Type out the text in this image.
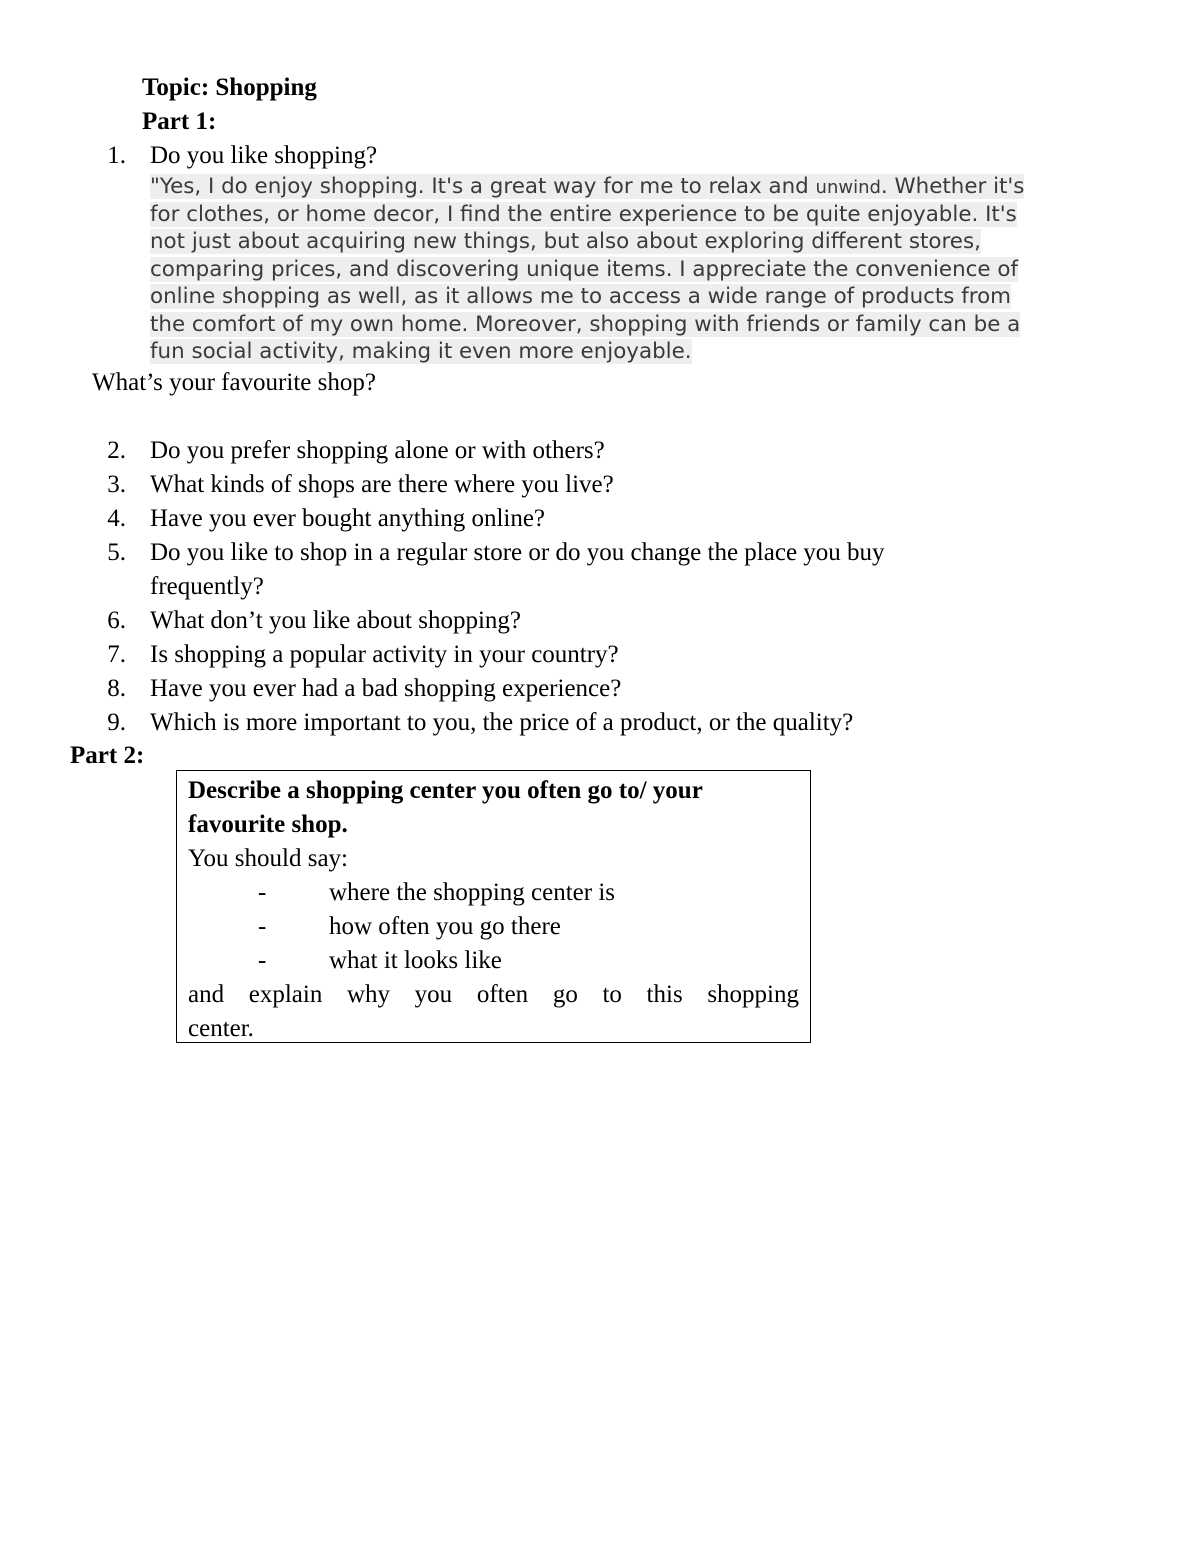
Topic: Shopping
Part 1:
1. Do you like shopping?
"Yes, I do enjoy shopping. It's a great way for me to relax and unwind. Whether it's
for clothes, or home decor, I find the entire experience to be quite enjoyable. It's
not just about acquiring new things, but also about exploring different stores,
comparing prices, and discovering unique items. I appreciate the convenience of
online shopping as well, as it allows me to access a wide range of products from
the comfort of my own home. Moreover, shopping with friends or family can be a
fun social activity, making it even more enjoyable.
What’s your favourite shop?
2. Do you prefer shopping alone or with others?
3. What kinds of shops are there where you live?
4. Have you ever bought anything online?
5. Do you like to shop in a regular store or do you change the place you buy
frequently?
6. What don’t you like about shopping?
7. Is shopping a popular activity in your country?
8. Have you ever had a bad shopping experience?
9. Which is more important to you, the price of a product, or the quality?
Part 2:
Describe a shopping center you often go to/ your
favourite shop.
You should say:
-	where the shopping center is
-	how often you go there
-	what it looks like
and explain why you often go to this shopping
center.
